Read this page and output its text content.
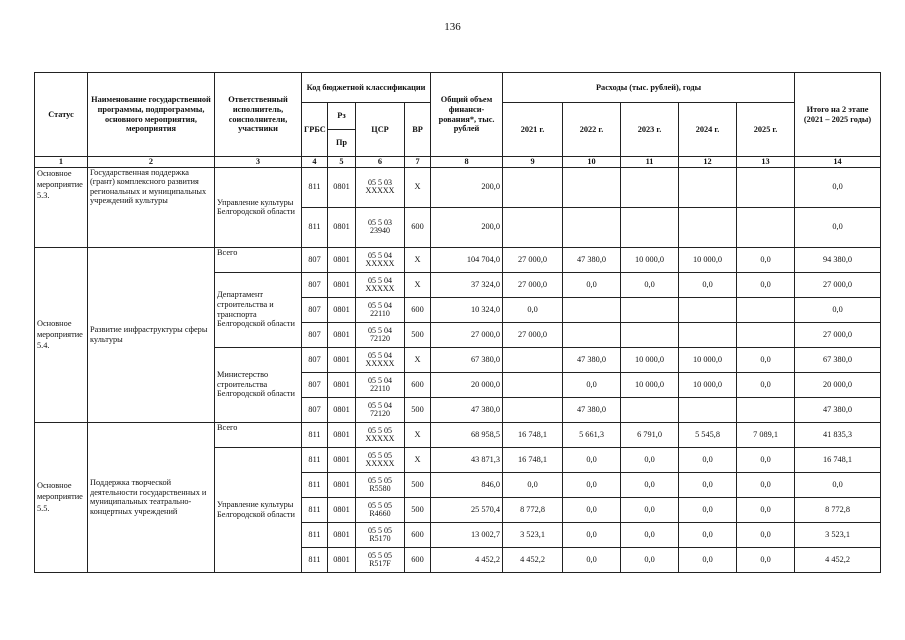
136
Статус	Наименование государственной программы, подпрограммы, основного мероприятия, мероприятия	Ответственный исполнитель, соисполнители, участники	Код бюджетной классификации				Общий объем финанси-рования*, тыс. рублей	Расходы (тыс. рублей), годы					Итого на 2 этапе (2021 – 2025 годы)
			ГРБС	Рз	ЦСР	ВР		2021 г.	2022 г.	2023 г.	2024 г.	2025 г.	
				Пр									
1	2	3	4	5	6	7	8	9	10	11	12	13	14
Основное мероприятие 5.3.	Государственная поддержка (грант) комплексного развития региональных и муниципальных учреждений культуры	Управление культуры Белгородской области	811	0801	05 5 03 XXXXX	X	200,0						0,0
			811	0801	05 5 03 23940	600	200,0						0,0
Основное мероприятие 5.4.	Развитие инфраструктуры сферы культуры	Всего	807	0801	05 5 04 XXXXX	X	104 704,0	27 000,0	47 380,0	10 000,0	10 000,0	0,0	94 380,0
		Департамент строительства и транспорта Белгородской области	807	0801	05 5 04 XXXXX	X	37 324,0	27 000,0	0,0	0,0	0,0	0,0	27 000,0
			807	0801	05 5 04 22110	600	10 324,0	0,0					0,0
			807	0801	05 5 04 72120	500	27 000,0	27 000,0					27 000,0
		Министерство строительства Белгородской области	807	0801	05 5 04 XXXXX	X	67 380,0		47 380,0	10 000,0	10 000,0	0,0	67 380,0
			807	0801	05 5 04 22110	600	20 000,0		0,0	10 000,0	10 000,0	0,0	20 000,0
			807	0801	05 5 04 72120	500	47 380,0		47 380,0				47 380,0
Основное мероприятие 5.5.	Поддержка творческой деятельности государственных и муниципальных театрально-концертных учреждений	Всего	811	0801	05 5 05 XXXXX	X	68 958,5	16 748,1	5 661,3	6 791,0	5 545,8	7 089,1	41 835,3
		Управление культуры Белгородской области	811	0801	05 5 05 XXXXX	X	43 871,3	16 748,1	0,0	0,0	0,0	0,0	16 748,1
			811	0801	05 5 05 R5580	500	846,0	0,0	0,0	0,0	0,0	0,0	0,0
			811	0801	05 5 05 R4660	500	25 570,4	8 772,8	0,0	0,0	0,0	0,0	8 772,8
			811	0801	05 5 05 R5170	600	13 002,7	3 523,1	0,0	0,0	0,0	0,0	3 523,1
			811	0801	05 5 05 R517F	600	4 452,2	4 452,2	0,0	0,0	0,0	0,0	4 452,2
